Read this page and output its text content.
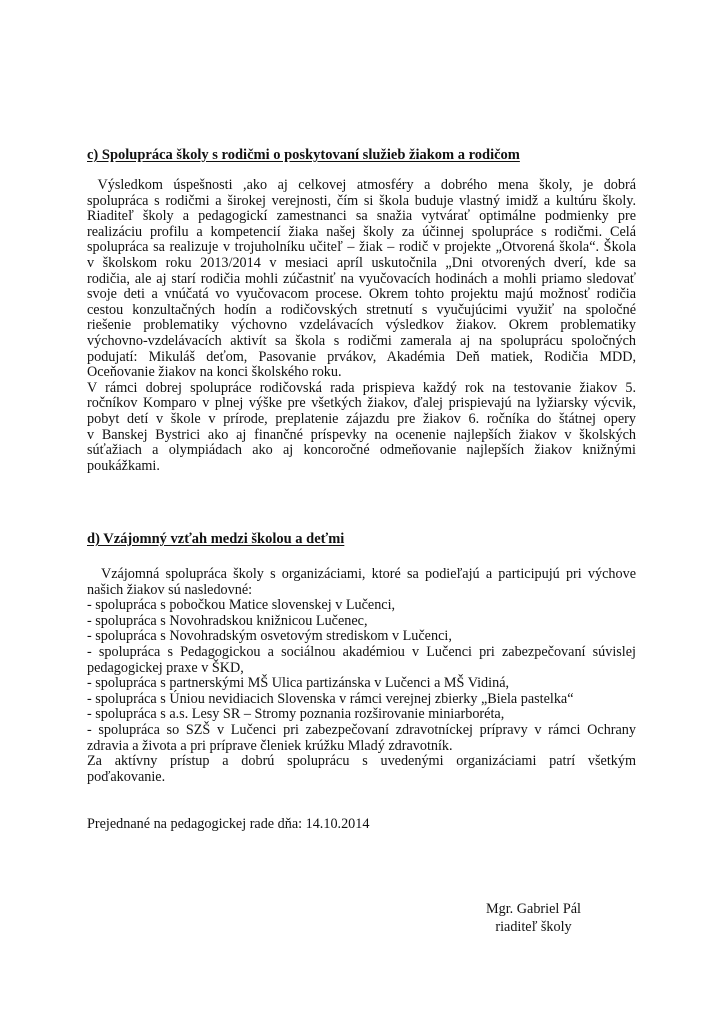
c) Spolupráca školy s rodičmi o poskytovaní služieb žiakom a rodičom
Výsledkom úspešnosti ,ako aj celkovej atmosféry a dobrého mena školy, je dobrá
spolupráca s rodičmi a širokej verejnosti, čím si škola buduje vlastný imidž a kultúru školy.
Riaditeľ školy a pedagogickí zamestnanci sa snažia vytvárať optimálne podmienky pre
realizáciu profilu a kompetencií žiaka našej školy za účinnej spolupráce s rodičmi. Celá
spolupráca sa realizuje v trojuholníku učiteľ – žiak – rodič v projekte „Otvorená škola“. Škola
v školskom roku 2013/2014 v mesiaci apríl uskutočnila „Dni otvorených dverí, kde sa
rodičia, ale aj starí rodičia mohli zúčastniť na vyučovacích hodinách a mohli priamo sledovať
svoje deti a vnúčatá vo vyučovacom procese. Okrem tohto projektu majú možnosť rodičia
cestou konzultačných hodín a rodičovských stretnutí s vyučujúcimi využiť na spoločné
riešenie problematiky výchovno vzdelávacích výsledkov žiakov. Okrem problematiky
výchovno-vzdelávacích aktivít sa škola s rodičmi zamerala aj na spoluprácu spoločných
podujatí: Mikuláš deťom, Pasovanie prvákov, Akadémia Deň matiek, Rodičia MDD,
Oceňovanie žiakov na konci školského roku.
V rámci dobrej spolupráce rodičovská rada prispieva každý rok na testovanie žiakov 5.
ročníkov Komparo v plnej výške pre všetkých žiakov, ďalej prispievajú na lyžiarsky výcvik,
pobyt detí v škole v prírode, preplatenie zájazdu pre žiakov 6. ročníka do štátnej opery
v Banskej Bystrici ako aj finančné príspevky na ocenenie najlepších žiakov v školských
súťažiach a olympiádach ako aj koncoročné odmeňovanie najlepších žiakov knižnými
poukážkami.
d) Vzájomný vzťah medzi školou a deťmi
Vzájomná spolupráca školy s organizáciami, ktoré sa podieľajú a participujú pri výchove
našich žiakov sú nasledovné:
- spolupráca s pobočkou Matice slovenskej v Lučenci,
- spolupráca s Novohradskou knižnicou Lučenec,
- spolupráca s Novohradským osvetovým strediskom v Lučenci,
- spolupráca s Pedagogickou a sociálnou akadémiou v Lučenci pri zabezpečovaní súvislej
pedagogickej praxe v ŠKD,
- spolupráca s partnerskými MŠ Ulica partizánska v Lučenci a MŠ Vidiná,
- spolupráca s Úniou nevidiacich Slovenska v rámci verejnej zbierky „Biela pastelka“
- spolupráca s a.s. Lesy SR – Stromy poznania rozširovanie miniarboréta,
- spolupráca so SZŠ v Lučenci pri zabezpečovaní zdravotníckej prípravy v rámci Ochrany
zdravia a života a pri príprave členiek krúžku Mladý zdravotník.
Za aktívny prístup a dobrú spoluprácu s uvedenými organizáciami patrí všetkým
poďakovanie.
Prejednané na pedagogickej rade dňa: 14.10.2014
Mgr. Gabriel Pál
riaditeľ školy
